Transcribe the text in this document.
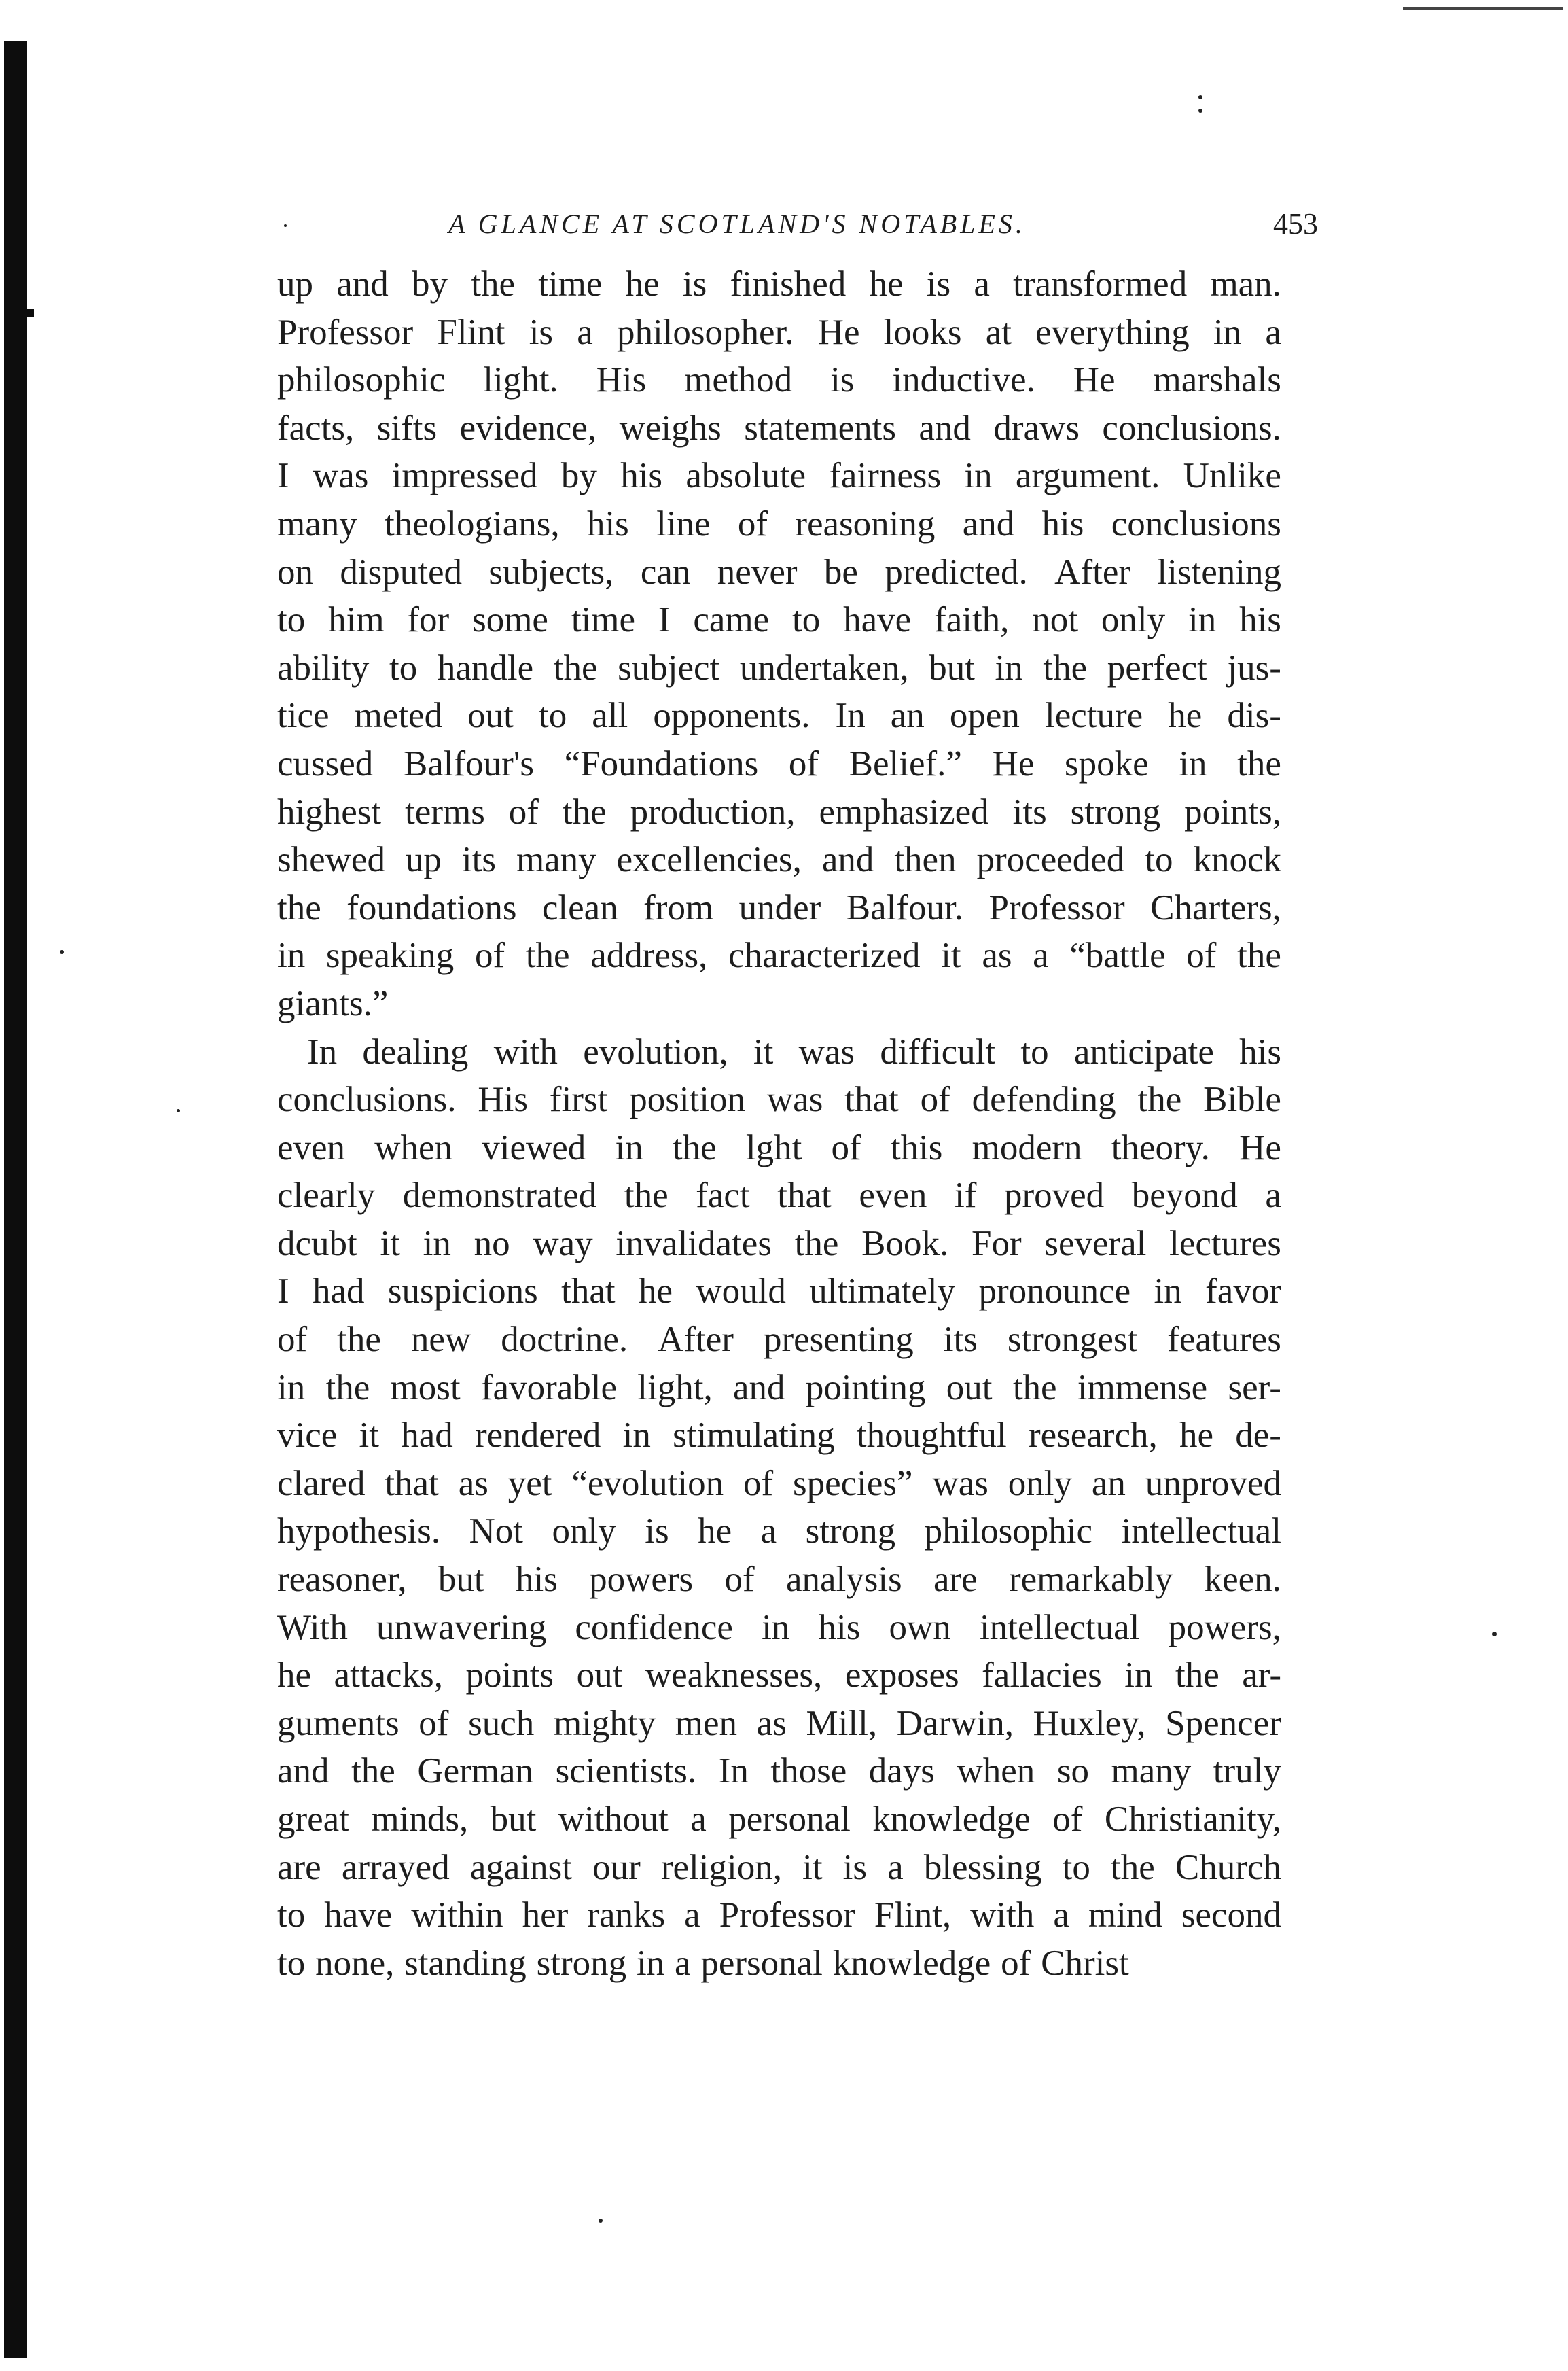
A GLANCE AT SCOTLAND'S NOTABLES.	453
up and by the time he is finished he is a transformed man.
Professor Flint is a philosopher. He looks at everything in a
philosophic light. His method is inductive. He marshals
facts, sifts evidence, weighs statements and draws conclusions.
I was impressed by his absolute fairness in argument. Unlike
many theologians, his line of reasoning and his conclusions
on disputed subjects, can never be predicted. After listening
to him for some time I came to have faith, not only in his
ability to handle the subject undertaken, but in the perfect jus-
tice meted out to all opponents. In an open lecture he dis-
cussed Balfour's “Foundations of Belief.” He spoke in the
highest terms of the production, emphasized its strong points,
shewed up its many excellencies, and then proceeded to knock
the foundations clean from under Balfour. Professor Charters,
in speaking of the address, characterized it as a “battle of the
giants.”
In dealing with evolution, it was difficult to anticipate his
conclusions. His first position was that of defending the Bible
even when viewed in the lght of this modern theory. He
clearly demonstrated the fact that even if proved beyond a
dcubt it in no way invalidates the Book. For several lectures
I had suspicions that he would ultimately pronounce in favor
of the new doctrine. After presenting its strongest features
in the most favorable light, and pointing out the immense ser-
vice it had rendered in stimulating thoughtful research, he de-
clared that as yet “evolution of species” was only an unproved
hypothesis. Not only is he a strong philosophic intellectual
reasoner, but his powers of analysis are remarkably keen.
With unwavering confidence in his own intellectual powers,
he attacks, points out weaknesses, exposes fallacies in the ar-
guments of such mighty men as Mill, Darwin, Huxley, Spencer
and the German scientists. In those days when so many truly
great minds, but without a personal knowledge of Christianity,
are arrayed against our religion, it is a blessing to the Church
to have within her ranks a Professor Flint, with a mind second
to none, standing strong in a personal knowledge of Christ
